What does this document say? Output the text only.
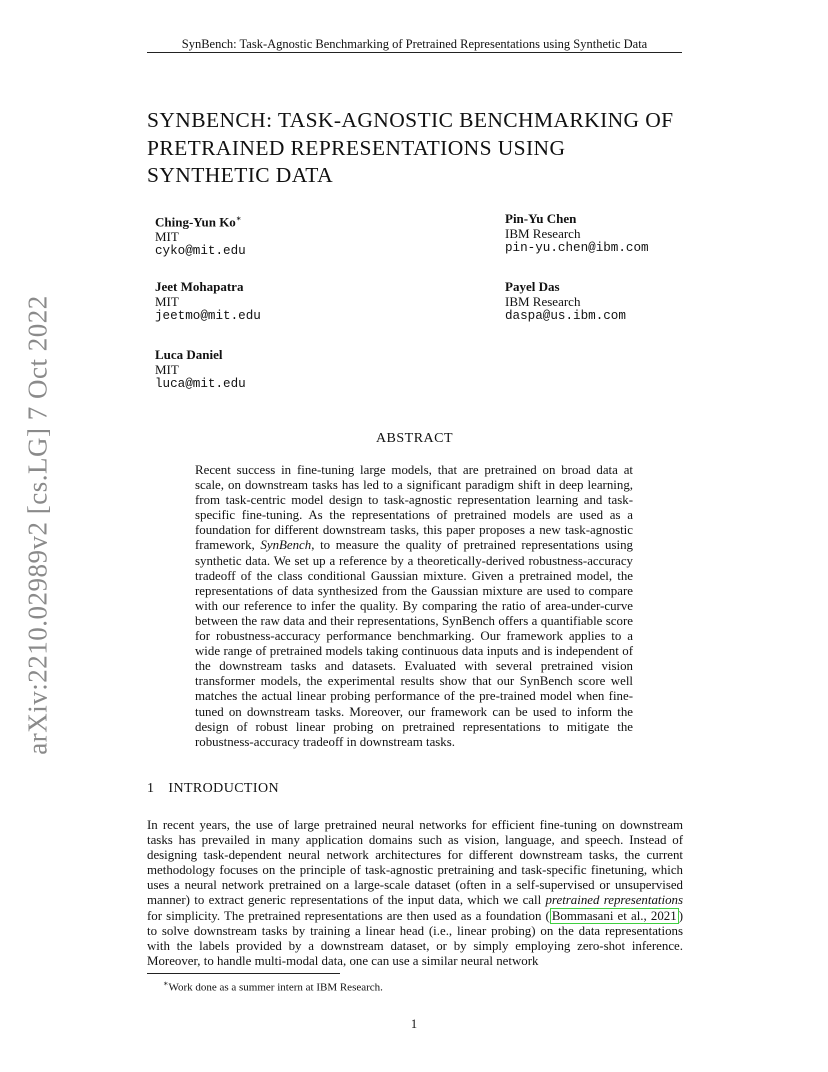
SynBench: Task-Agnostic Benchmarking of Pretrained Representations using Synthetic Data
arXiv:2210.02989v2 [cs.LG] 7 Oct 2022
SYNBENCH: TASK-AGNOSTIC BENCHMARKING OF
PRETRAINED REPRESENTATIONS USING
SYNTHETIC DATA
Ching-Yun Ko∗
MIT
cyko@mit.edu
Pin-Yu Chen
IBM Research
pin-yu.chen@ibm.com
Jeet Mohapatra
MIT
jeetmo@mit.edu
Payel Das
IBM Research
daspa@us.ibm.com
Luca Daniel
MIT
luca@mit.edu
ABSTRACT
Recent success in fine-tuning large models, that are pretrained on broad data at scale, on downstream tasks has led to a significant paradigm shift in deep learning, from task-centric model design to task-agnostic representation learning and task-specific fine-tuning. As the representations of pretrained models are used as a foundation for different downstream tasks, this paper proposes a new task-agnostic framework, SynBench, to measure the quality of pretrained representations using synthetic data. We set up a reference by a theoretically-derived robustness-accuracy tradeoff of the class conditional Gaussian mixture. Given a pretrained model, the representations of data synthesized from the Gaussian mixture are used to compare with our reference to infer the quality. By comparing the ratio of area-under-curve between the raw data and their representations, SynBench offers a quantifiable score for robustness-accuracy performance benchmarking. Our framework applies to a wide range of pretrained models taking continuous data inputs and is independent of the downstream tasks and datasets. Evaluated with several pretrained vision transformer models, the experimental results show that our SynBench score well matches the actual linear probing performance of the pre-trained model when fine-tuned on downstream tasks. Moreover, our framework can be used to inform the design of robust linear probing on pretrained representations to mitigate the robustness-accuracy tradeoff in downstream tasks.
1 INTRODUCTION
In recent years, the use of large pretrained neural networks for efficient fine-tuning on downstream tasks has prevailed in many application domains such as vision, language, and speech. Instead of designing task-dependent neural network architectures for different downstream tasks, the current methodology focuses on the principle of task-agnostic pretraining and task-specific finetuning, which uses a neural network pretrained on a large-scale dataset (often in a self-supervised or unsupervised manner) to extract generic representations of the input data, which we call pretrained representations for simplicity. The pretrained representations are then used as a foundation ( Bommasani et al., 2021 ) to solve downstream tasks by training a linear head (i.e., linear probing) on the data representations with the labels provided by a downstream dataset, or by simply employing zero-shot inference. Moreover, to handle multi-modal data, one can use a similar neural network
∗Work done as a summer intern at IBM Research.
1
